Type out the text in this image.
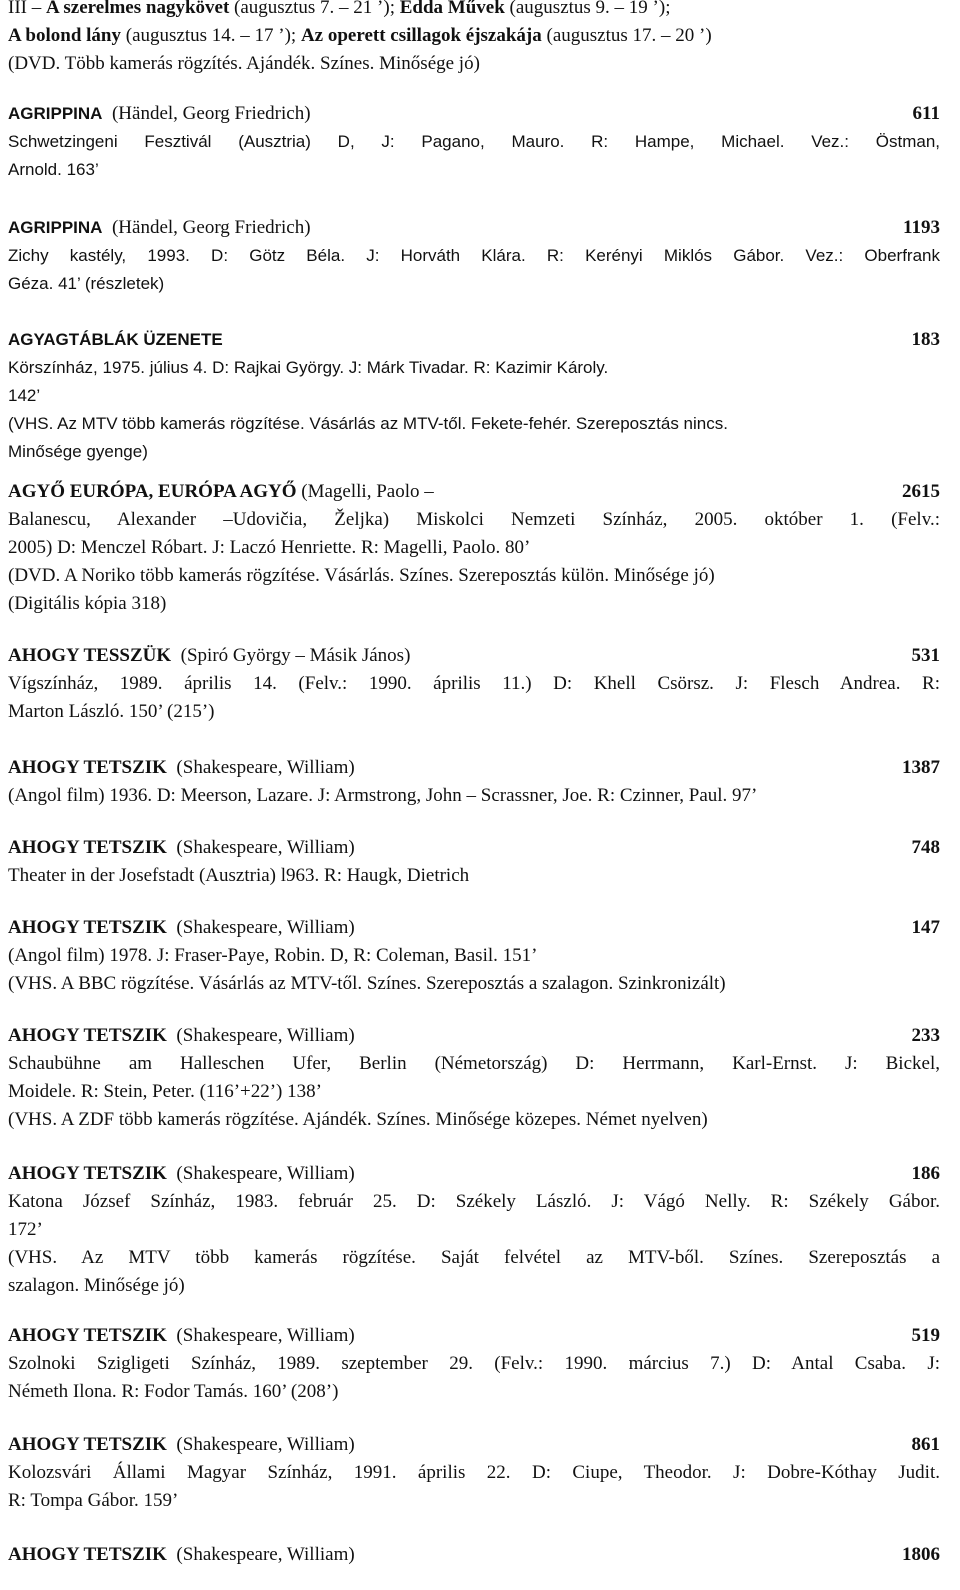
III – A szerelmes nagykövet (augusztus 7. – 21 ’); Edda Művek (augusztus 9. – 19 ’);
A bolond lány (augusztus 14. – 17 ’); Az operett csillagok éjszakája (augusztus 17. – 20 ’)
(DVD. Több kamerás rögzítés. Ajándék. Színes. Minősége jó)
611
AGRIPPINA  (Händel, Georg Friedrich)
Schwetzingeni Fesztivál (Ausztria) D, J: Pagano, Mauro. R: Hampe, Michael. Vez.: Östman,
Arnold. 163’
1193
AGRIPPINA  (Händel, Georg Friedrich)
Zichy kastély, 1993. D: Götz Béla. J: Horváth Klára. R: Kerényi Miklós Gábor. Vez.: Oberfrank
Géza. 41’ (részletek)
183
AGYAGTÁBLÁK ÜZENETE
Körszínház, 1975. július 4. D: Rajkai György. J: Márk Tivadar. R: Kazimir Károly.
142’
(VHS. Az MTV több kamerás rögzítése. Vásárlás az MTV-től. Fekete-fehér. Szereposztás nincs.
Minősége gyenge)
2615
AGYŐ EURÓPA, EURÓPA AGYŐ (Magelli, Paolo –
Balanescu, Alexander –Udovičia, Željka) Miskolci Nemzeti Színház, 2005. október 1. (Felv.:
2005) D: Menczel Róbart. J: Laczó Henriette. R: Magelli, Paolo. 80’
(DVD. A Noriko több kamerás rögzítése. Vásárlás. Színes. Szereposztás külön. Minősége jó)
(Digitális kópia 318)
531
AHOGY TESSZÜK  (Spiró György – Másik János)
Vígszínház, 1989. április 14. (Felv.: 1990. április 11.) D: Khell Csörsz. J: Flesch Andrea. R:
Marton László. 150’ (215’)
1387
AHOGY TETSZIK  (Shakespeare, William)
(Angol film) 1936. D: Meerson, Lazare. J: Armstrong, John – Scrassner, Joe. R: Czinner, Paul. 97’
748
AHOGY TETSZIK  (Shakespeare, William)
Theater in der Josefstadt (Ausztria) l963. R: Haugk, Dietrich
147
AHOGY TETSZIK  (Shakespeare, William)
(Angol film) 1978. J: Fraser-Paye, Robin. D, R: Coleman, Basil. 151’
(VHS. A BBC rögzítése. Vásárlás az MTV-től. Színes. Szereposztás a szalagon. Szinkronizált)
233
AHOGY TETSZIK  (Shakespeare, William)
Schaubühne am Halleschen Ufer, Berlin (Németország) D: Herrmann, Karl-Ernst. J: Bickel,
Moidele. R: Stein, Peter. (116’+22’) 138’
(VHS. A ZDF több kamerás rögzítése. Ajándék. Színes. Minősége közepes. Német nyelven)
186
AHOGY TETSZIK  (Shakespeare, William)
Katona József Színház, 1983. február 25. D: Székely László. J: Vágó Nelly. R: Székely Gábor.
172’
(VHS. Az MTV több kamerás rögzítése. Saját felvétel az MTV-ből. Színes. Szereposztás a
szalagon. Minősége jó)
519
AHOGY TETSZIK  (Shakespeare, William)
Szolnoki Szigligeti Színház, 1989. szeptember 29. (Felv.: 1990. március 7.) D: Antal Csaba. J:
Németh Ilona. R: Fodor Tamás. 160’ (208’)
861
AHOGY TETSZIK  (Shakespeare, William)
Kolozsvári Állami Magyar Színház, 1991. április 22. D: Ciupe, Theodor. J: Dobre-Kóthay Judit.
R: Tompa Gábor. 159’
1806
AHOGY TETSZIK  (Shakespeare, William)
